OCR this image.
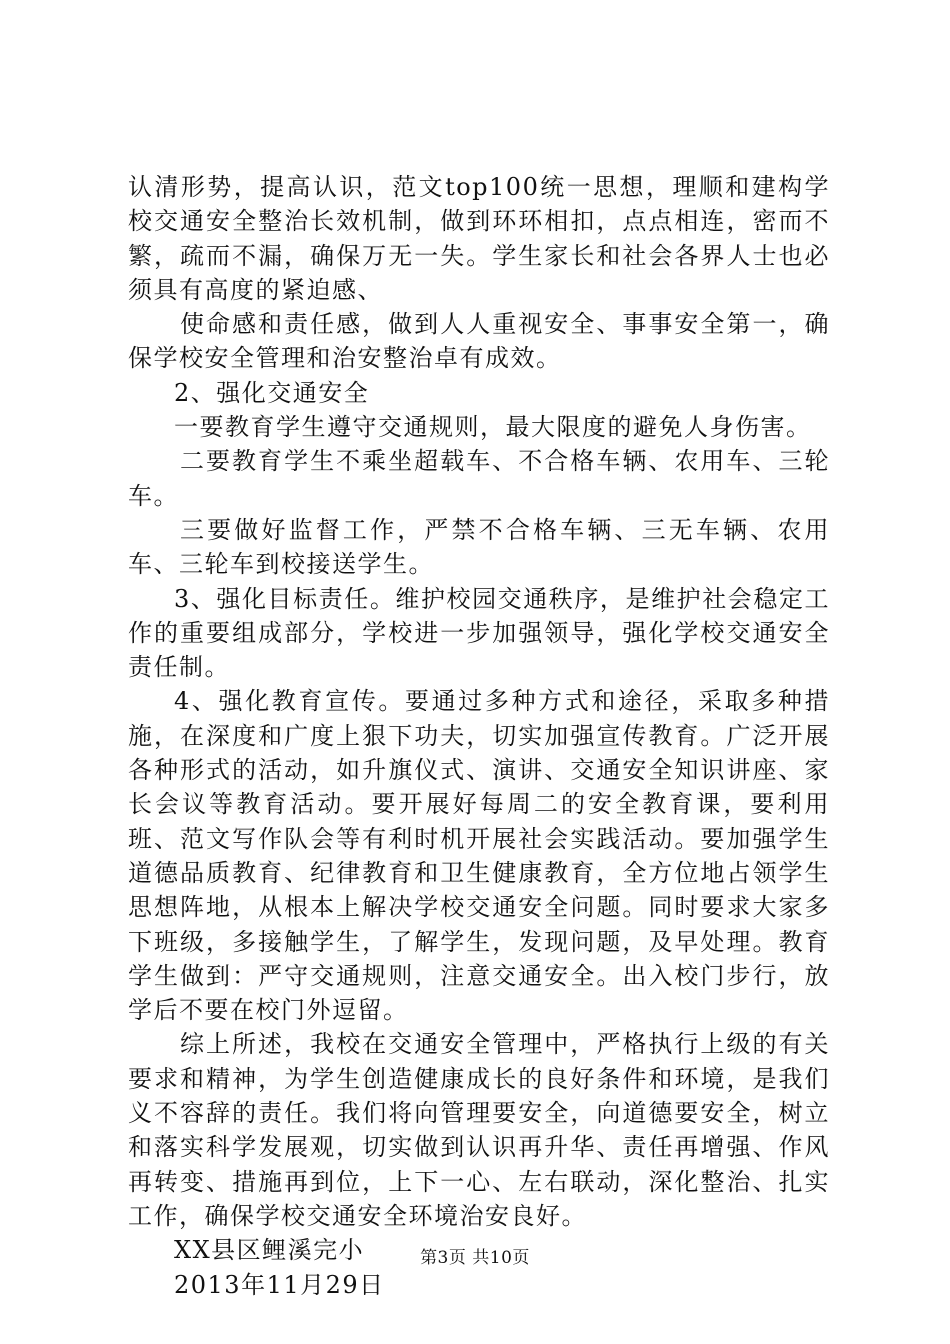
认清形势，提高认识，范文top100统一思想，理顺和建构学校交通安全整治长效机制，做到环环相扣，点点相连，密而不繁，疏而不漏，确保万无一失。学生家长和社会各界人士也必须具有高度的紧迫感、

使命感和责任感，做到人人重视安全、事事安全第一，确保学校安全管理和治安整治卓有成效。

2、强化交通安全

一要教育学生遵守交通规则，最大限度的避免人身伤害。

二要教育学生不乘坐超载车、不合格车辆、农用车、三轮车。

三要做好监督工作，严禁不合格车辆、三无车辆、农用车、三轮车到校接送学生。

3、强化目标责任。维护校园交通秩序，是维护社会稳定工作的重要组成部分，学校进一步加强领导，强化学校交通安全责任制。

4、强化教育宣传。要通过多种方式和途径，采取多种措施，在深度和广度上狠下功夫，切实加强宣传教育。广泛开展各种形式的活动，如升旗仪式、演讲、交通安全知识讲座、家长会议等教育活动。要开展好每周二的安全教育课，要利用班、范文写作队会等有利时机开展社会实践活动。要加强学生道德品质教育、纪律教育和卫生健康教育，全方位地占领学生思想阵地，从根本上解决学校交通安全问题。同时要求大家多下班级，多接触学生，了解学生，发现问题，及早处理。教育学生做到：严守交通规则，注意交通安全。出入校门步行，放学后不要在校门外逗留。

综上所述，我校在交通安全管理中，严格执行上级的有关要求和精神，为学生创造健康成长的良好条件和环境，是我们义不容辞的责任。我们将向管理要安全，向道德要安全，树立和落实科学发展观，切实做到认识再升华、责任再增强、作风再转变、措施再到位，上下一心、左右联动，深化整治、扎实工作，确保学校交通安全环境治安良好。

XX县区鲤溪完小

2013年11月29日

第3页 共10页
